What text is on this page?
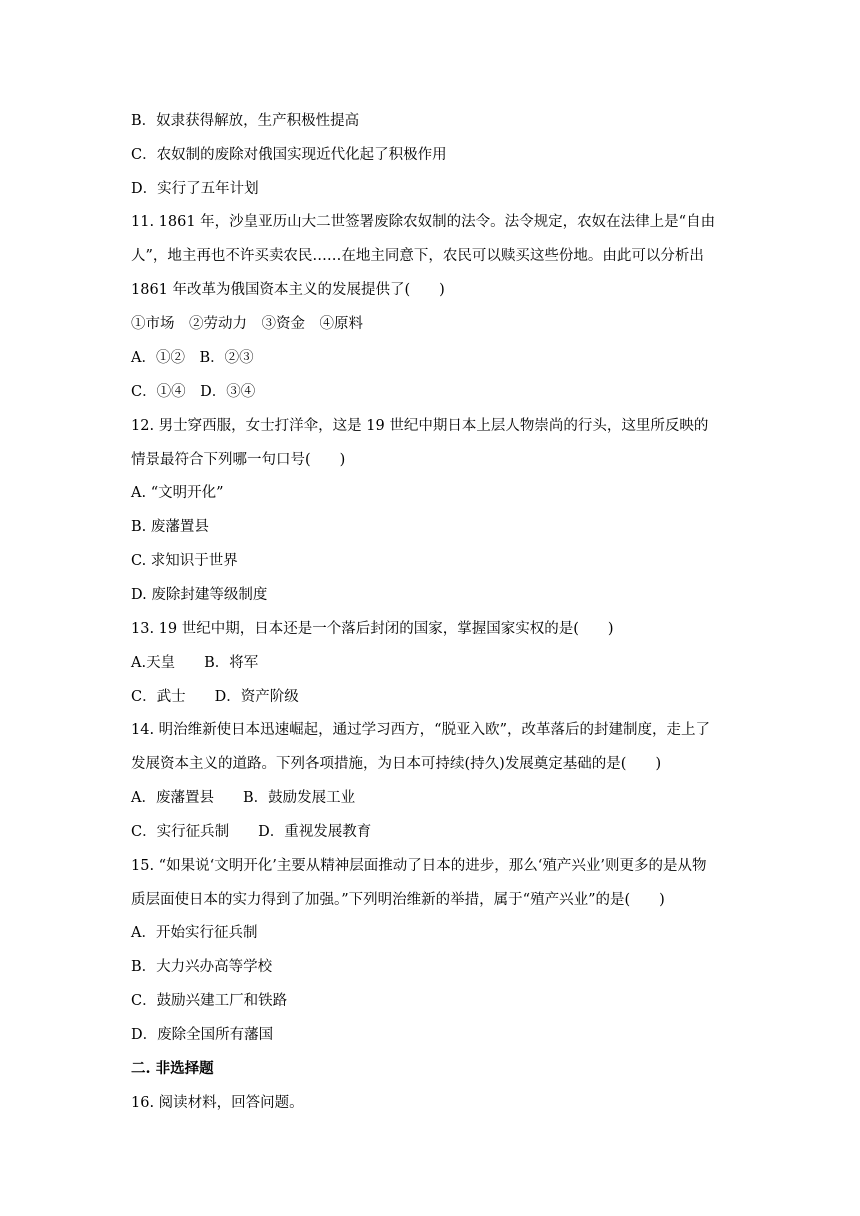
B．奴隶获得解放，生产积极性提高

C．农奴制的废除对俄国实现近代化起了积极作用

D．实行了五年计划

11. 1861 年，沙皇亚历山大二世签署废除农奴制的法令。法令规定，农奴在法律上是“自由

人”，地主再也不许买卖农民……在地主同意下，农民可以赎买这些份地。由此可以分析出

1861 年改革为俄国资本主义的发展提供了(　　)

①市场　②劳动力　③资金　④原料

A．①②　B．②③

C．①④　D．③④

12. 男士穿西服，女士打洋伞，这是 19 世纪中期日本上层人物崇尚的行头，这里所反映的

情景最符合下列哪一句口号(　　)

A. “文明开化”

B. 废藩置县

C. 求知识于世界

D. 废除封建等级制度

13. 19 世纪中期，日本还是一个落后封闭的国家，掌握国家实权的是(　　)

A.天皇　　B．将军

C．武士　　D．资产阶级

14. 明治维新使日本迅速崛起，通过学习西方，“脱亚入欧”，改革落后的封建制度，走上了

发展资本主义的道路。下列各项措施，为日本可持续(持久)发展奠定基础的是(　　)

A．废藩置县　　B．鼓励发展工业

C．实行征兵制　　D．重视发展教育

15. “如果说‘文明开化’主要从精神层面推动了日本的进步，那么‘殖产兴业’则更多的是从物

质层面使日本的实力得到了加强。”下列明治维新的举措，属于“殖产兴业”的是(　　)

A．开始实行征兵制

B．大力兴办高等学校

C．鼓励兴建工厂和铁路

D．废除全国所有藩国

二. 非选择题

16. 阅读材料，回答问题。
